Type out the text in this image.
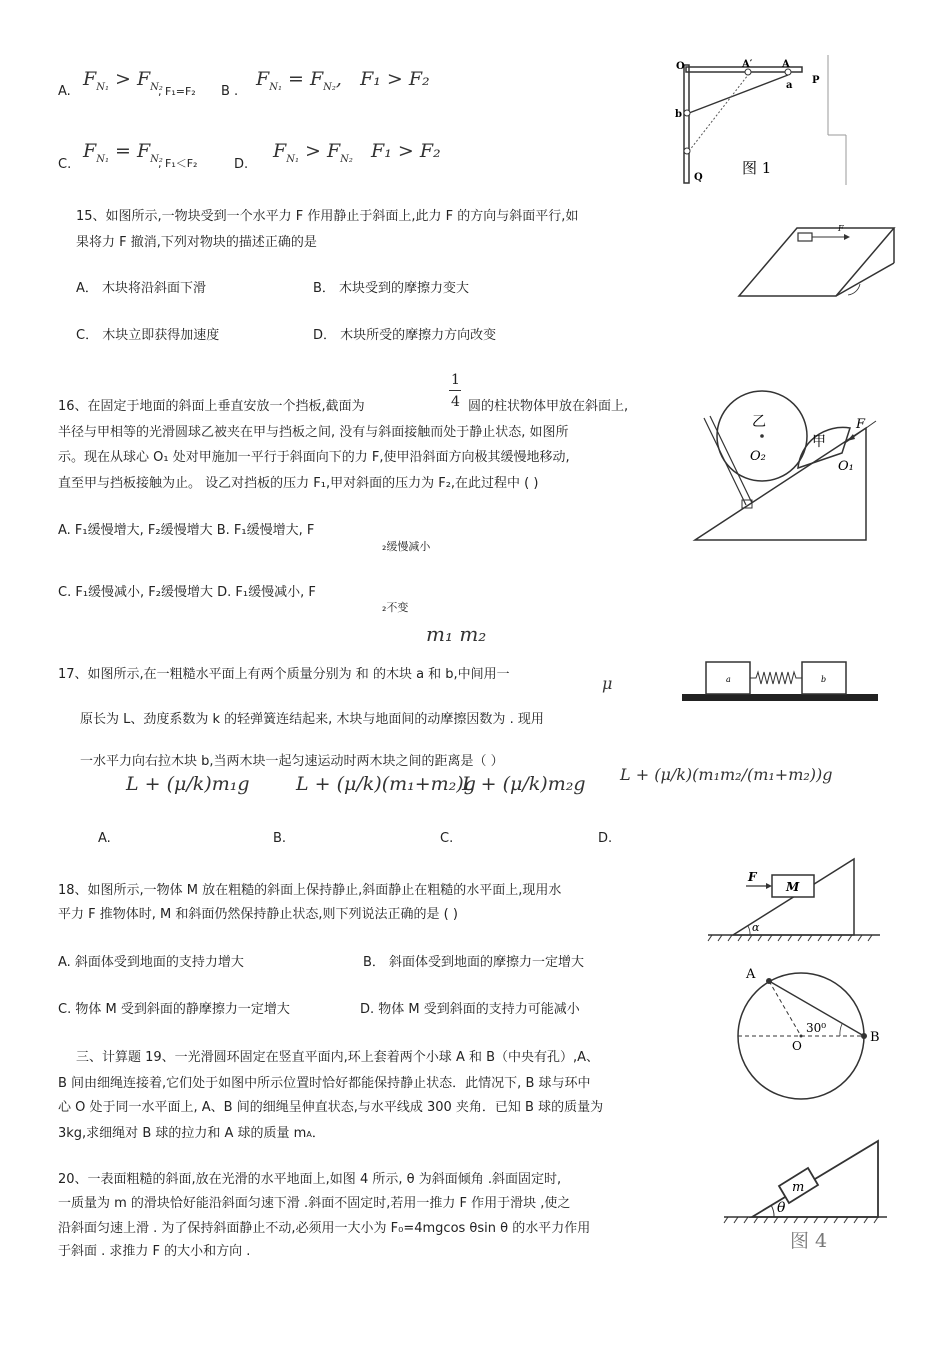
A.
$F_{N_1} > F_{N_2}$
, F₁=F₂ B .
$F_{N_1} = F_{N_2}$,   F₁ > F₂
C.
$F_{N_1} = F_{N_2}$
, F₁＜F₂	D.
$F_{N_1} > F_{N_2}$   F₁ > F₂
O	A′	A
a P
b
Q
图 1
15、如图所示,一物块受到一个水平力 F 作用静止于斜面上,此力 F 的方向与斜面平行,如
果将力 F 撤消,下列对物块的描述正确的是
A． 木块将沿斜面下滑	B． 木块受到的摩擦力变大
C． 木块立即获得加速度	D． 木块所受的摩擦力方向改变
F
1
4
16、在固定于地面的斜面上垂直安放一个挡板,截面为	圆的柱状物体甲放在斜面上,
半径与甲相等的光滑圆球乙被夹在甲与挡板之间, 没有与斜面接触而处于静止状态, 如图所
示。现在从球心 O₁ 处对甲施加一平行于斜面向下的力 F,使甲沿斜面方向极其缓慢地移动,
直至甲与挡板接触为止。 设乙对挡板的压力 F₁,甲对斜面的压力为 F₂,在此过程中 ( )
A. F₁缓慢增大, F₂缓慢增大 B. F₁缓慢增大, F
₂缓慢减小
C. F₁缓慢减小, F₂缓慢增大 D. F₁缓慢减小, F
₂不变
乙
甲
O₂
O₁
F
m₁ m₂
μ
17、如图所示,在一粗糙水平面上有两个质量分别为 和 的木块 a 和 b,中间用一
原长为 L、劲度系数为 k 的轻弹簧连结起来, 木块与地面间的动摩擦因数为 . 现用
一水平力向右拉木块 b,当两木块一起匀速运动时两木块之间的距离是（ ）
L + (μ/k)m₁g L + (μ/k)(m₁+m₂)g
L + (μ/k)m₂g L + (μ/k)(m₁m₂/(m₁+m₂))g
A.	B.	C.	D.
a	b
18、如图所示,一物体 M 放在粗糙的斜面上保持静止,斜面静止在粗糙的水平面上,现用水
平力 F 推物体时, M 和斜面仍然保持静止状态,则下列说法正确的是 ( )
A. 斜面体受到地面的支持力增大	B． 斜面体受到地面的摩擦力一定增大
C. 物体 M 受到斜面的静摩擦力一定增大	D. 物体 M 受到斜面的支持力可能减小
F
M
α
三、计算题 19、一光滑圆环固定在竖直平面内,环上套着两个小球 A 和 B（中央有孔）,A、
B 间由细绳连接着,它们处于如图中所示位置时恰好都能保持静止状态．此情况下, B 球与环中
心 O 处于同一水平面上, A、B 间的细绳呈伸直状态,与水平线成 300 夹角．已知 B 球的质量为
3kg,求细绳对 B 球的拉力和 A 球的质量 mA．
A
B
O
30⁰
20、一表面粗糙的斜面,放在光滑的水平地面上,如图 4 所示, θ 为斜面倾角 .斜面固定时,
一质量为 m 的滑块恰好能沿斜面匀速下滑 .斜面不固定时,若用一推力 F 作用于滑块 ,使之
沿斜面匀速上滑 . 为了保持斜面静止不动,必须用一大小为 F₀=4mgcos θsin θ 的水平力作用
于斜面 . 求推力 F 的大小和方向 .
m
θ
图 4
